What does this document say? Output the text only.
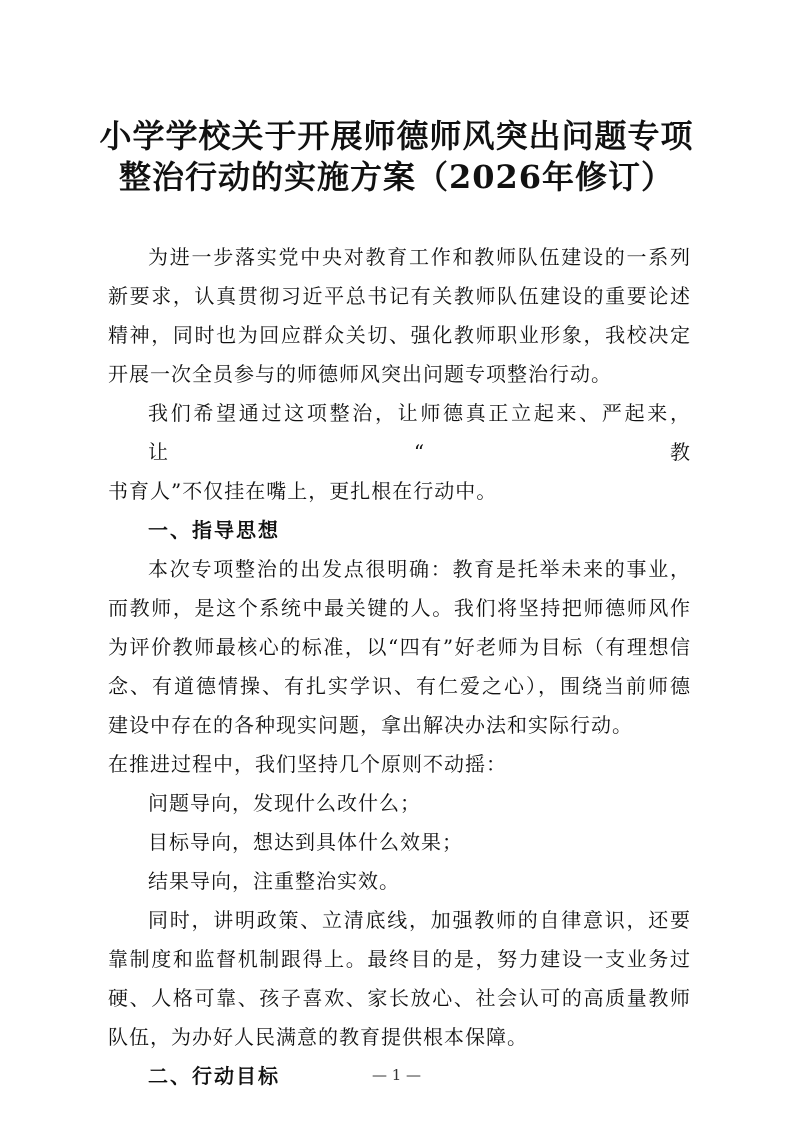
小学学校关于开展师德师风突出问题专项
整治行动的实施方案（2026年修订）
为进一步落实党中央对教育工作和教师队伍建设的一系列
新要求，认真贯彻习近平总书记有关教师队伍建设的重要论述
精神，同时也为回应群众关切、强化教师职业形象，我校决定
开展一次全员参与的师德师风突出问题专项整治行动。
我们希望通过这项整治，让师德真正立起来、严起来，让“教
书育人”不仅挂在嘴上，更扎根在行动中。
一、指导思想
本次专项整治的出发点很明确：教育是托举未来的事业，
而教师，是这个系统中最关键的人。我们将坚持把师德师风作
为评价教师最核心的标准，以“四有”好老师为目标（有理想信
念、有道德情操、有扎实学识、有仁爱之心），围绕当前师德
建设中存在的各种现实问题，拿出解决办法和实际行动。
在推进过程中，我们坚持几个原则不动摇：
问题导向，发现什么改什么；
目标导向，想达到具体什么效果；
结果导向，注重整治实效。
同时，讲明政策、立清底线，加强教师的自律意识，还要
靠制度和监督机制跟得上。最终目的是，努力建设一支业务过
硬、人格可靠、孩子喜欢、家长放心、社会认可的高质量教师
队伍，为办好人民满意的教育提供根本保障。
二、行动目标	— 1 —
